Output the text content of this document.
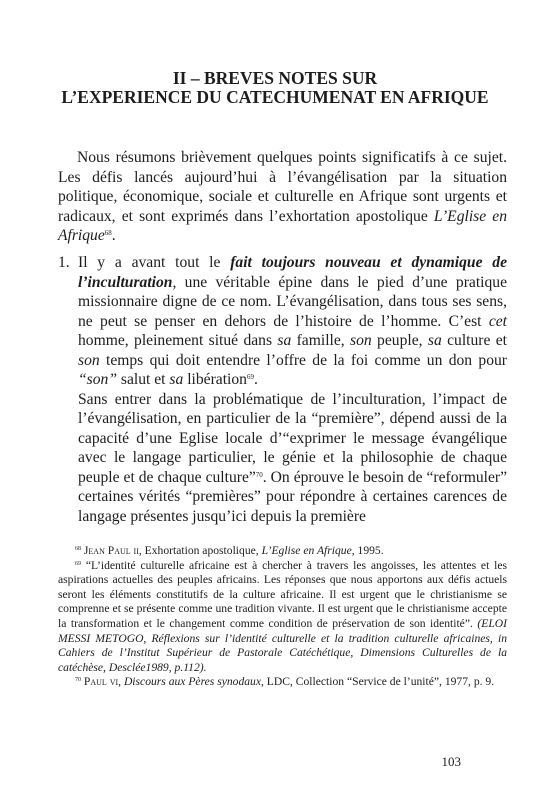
II – BREVES NOTES SUR
L’EXPERIENCE DU CATECHUMENAT EN AFRIQUE
Nous résumons brièvement quelques points significatifs à ce sujet. Les défis lancés aujourd’hui à l’évangélisation par la situation politique, économique, sociale et culturelle en Afrique sont urgents et radicaux, et sont exprimés dans l’exhortation apostolique L’Eglise en Afrique$^{68}$.
1. Il y a avant tout le fait toujours nouveau et dynamique de l’inculturation, une véritable épine dans le pied d’une pratique missionnaire digne de ce nom. L’évangélisation, dans tous ses sens, ne peut se penser en dehors de l’histoire de l’homme. C’est cet homme, pleinement situé dans sa famille, son peuple, sa culture et son temps qui doit entendre l’offre de la foi comme un don pour “son” salut et sa libération$^{69}$.
Sans entrer dans la problématique de l’inculturation, l’impact de l’évangélisation, en particulier de la “première”, dépend aussi de la capacité d’une Eglise locale d’“exprimer le message évangélique avec le langage particulier, le génie et la philosophie de chaque peuple et de chaque culture”$^{70}$. On éprouve le besoin de “reformuler” certaines vérités “premières” pour répondre à certaines carences de langage présentes jusqu’ici depuis la première

$^{68}$ Jean Paul ii, Exhortation apostolique, L’Eglise en Afrique, 1995.

$^{69}$ “L’identité culturelle africaine est à chercher à travers les angoisses, les attentes et les aspirations actuelles des peuples africains. Les réponses que nous apportons aux défis actuels seront les éléments constitutifs de la culture africaine. Il est urgent que le christianisme se comprenne et se présente comme une tradition vivante. Il est urgent que le christianisme accepte la transformation et le changement comme condition de préservation de son identité”. (ELOI MESSI METOGO, Réflexions sur l’identité culturelle et la tradition culturelle africaines, in Cahiers de l’Institut Supérieur de Pastorale Catéchétique, Dimensions Culturelles de la catéchèse, Desclée1989, p.112).

$^{70}$ Paul vi, Discours aux Pères synodaux, LDC, Collection “Service de l’unité”, 1977, p. 9.

103
